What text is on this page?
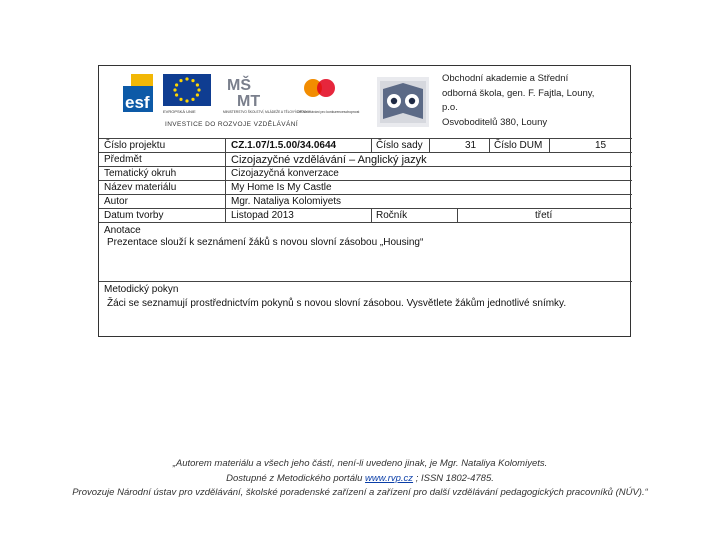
esf	EVROPSKÁ UNIE
MŠ
MT
MINISTERSTVO ŠKOLSTVÍ, MLÁDEŽE A TĚLOVÝCHOVY
OP Vzdělávání pro konkurenceschopnost
INVESTICE DO ROZVOJE VZDĚLÁVÁNÍ
Obchodní akademie a Střední
odborná škola, gen. F. Fajtla, Louny,
p.o.
Osvoboditelů 380, Louny
Číslo projektu	CZ.1.07/1.5.00/34.0644	Číslo sady	31 Číslo DUM	15
Předmět	Cizojazyčné vzdělávání – Anglický jazyk
Tematický okruh	Cizojazyčná konverzace
Název materiálu	My Home Is My Castle
Autor	Mgr. Nataliya Kolomiyets
Datum tvorby	Listopad 2013	Ročník	třetí
Anotace
Prezentace slouží k seznámení žáků s novou slovní zásobou „Housing“
Metodický pokyn
Žáci se seznamují prostřednictvím pokynů s novou slovní zásobou. Vysvětlete žákům jednotlivé snímky.
„Autorem materiálu a všech jeho částí, není-li uvedeno jinak, je Mgr. Nataliya Kolomiyets.
Dostupné z Metodického portálu www.rvp.cz ; ISSN 1802-4785.
Provozuje Národní ústav pro vzdělávání, školské poradenské zařízení a zařízení pro další vzdělávání pedagogických pracovníků (NÚV).“
